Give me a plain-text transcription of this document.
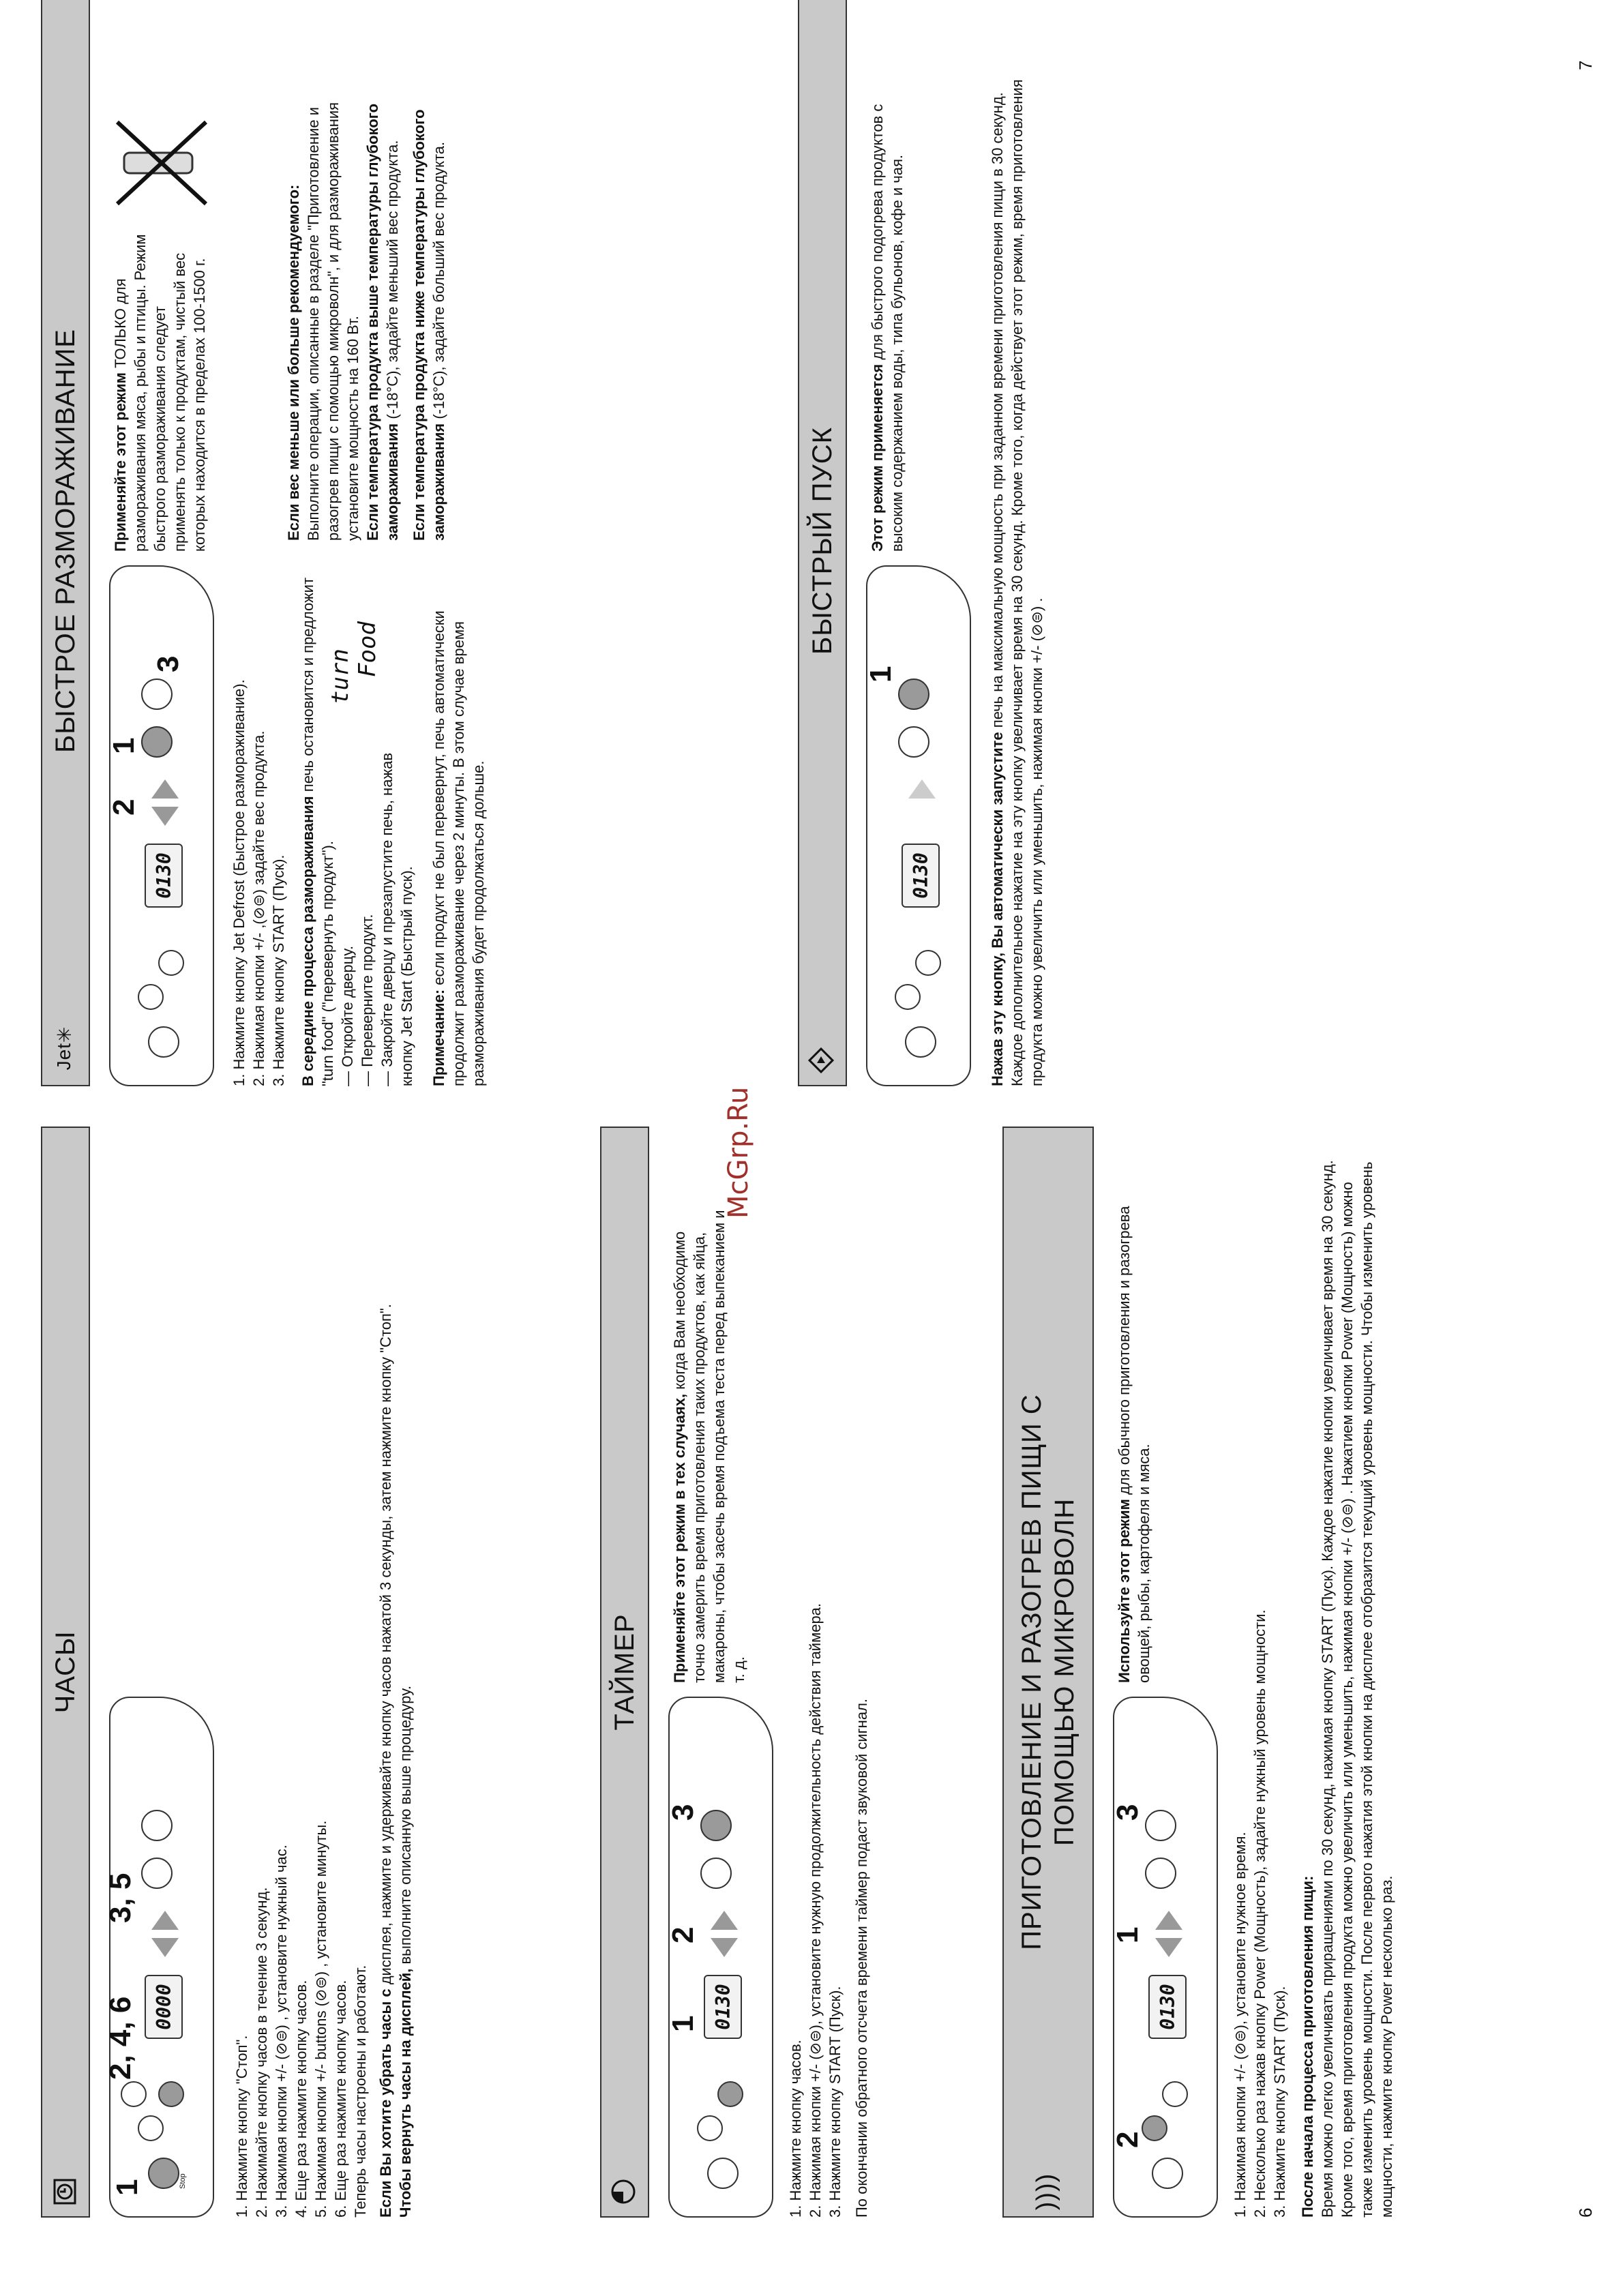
ЧАСЫ
Stop
0000
1
2, 4, 6
3, 5
1. Нажмите кнопку "Стоп". 2. Нажимайте кнопку часов в течение 3 секунд. 3. Нажимая кнопки +/- (⊘⊜) , установите нужный час. 4. Еще раз нажмите кнопку часов. 5. Нажимая кнопки +/- buttons (⊘⊜) , установите минуты. 6. Еще раз нажмите кнопку часов. Теперь часы настроены и работают. Если Вы хотите убрать часы с дисплея, нажмите и удерживайте кнопку часов нажатой 3 секунды, затем нажмите кнопку "Стоп".

Чтобы вернуть часы на дисплей, выполните описанную выше процедуру.

ТАЙМЕР
0130
1
2
3

Применяйте этот режим в тех случаях, когда Вам необходимо точно замерить время приготовления таких продуктов, как яйца, макароны, чтобы засечь время подъема теста перед выпеканием и т. д.

1. Нажмите кнопку часов. 2. Нажимая кнопки +/- (⊘⊜), установите нужную продолжительность действия таймера. 3. Нажмите кнопку START (Пуск). По окончании обратного отсчета времени таймер подаст звуковой сигнал.	))))
ПРИГОТОВЛЕНИЕ И РАЗОГРЕВ ПИЩИ С ПОМОЩЬЮ МИКРОВОЛН
0130
2
1
3

Используйте этот режим для обычного приготовления и разогрева овощей, рыбы, картофеля и мяса.

1. Нажимая кнопки +/- (⊘⊜), установите нужное время. 2. Несколько раз нажав кнопку Power (Мощность), задайте нужный уровень мощности. 3. Нажмите кнопку START (Пуск). После начала процесса приготовления пищи: Время можно легко увеличивать приращениями по 30 секунд, нажимая кнопку START (Пуск). Каждое нажатие кнопки увеличивает время на 30 секунд. Кроме того, время приготовления продукта можно увеличить или уменьшить, нажимая кнопки +/- (⊘⊜) . Нажатием кнопки Power (Мощность) можно также изменить уровень мощности. После первого нажатия этой кнопки на дисплее отобразится текущий уровень мощности. Чтобы изменить уровень мощности, нажмите кнопку Power несколько раз.	6
McGrp.Ru
Jet
✳
БЫСТРОЕ РАЗМОРАЖИВАНИЕ
0130
2
1
3

Применяйте этот режим ТОЛЬКО для размораживания мяса, рыбы и птицы. Режим быстрого размораживания следует применять только к продуктам, чистый вес которых находится в пределах 100-1500 г.

1. Нажмите кнопку Jet Defrost (Быстрое размораживание). 2. Нажимая кнопки +/- ,(⊘⊜) задайте вес продукта. 3. Нажмите кнопку START (Пуск). В середине процесса размораживания печь остановится и предложит "turn food" ("перевернуть продукт").

turn Food

— Откройте дверцу. — Переверните продукт. — Закройте дверцу и презапустите печь, нажав кнопку Jet Start (Быстрый пуск). Примечание: если продукт не был перевернут, печь автоматически продолжит размораживание через 2 минуты. В этом случае время размораживания будет продолжаться дольше.

Если вес меньше или больше рекомендуемого: Выполните операции, описанные в разделе "Приготовление и разогрев пищи с помощью микроволн", и для размораживания установите мощность на 160 Вт. Если температура продукта выше температуры глубокого замораживания (-18°С), задайте меньший вес продукта. Если температура продукта ниже температуры глубокого замораживания (-18°С), задайте больший вес продукта.

БЫСТРЫЙ ПУСК
0130
1

Этот режим применяется для быстрого подогрева продуктов с высоким содержанием воды, типа бульонов, кофе и чая.

Нажав эту кнопку, Вы автоматически запустите печь на максимальную мощность при заданном времени приготовления пищи в 30 секунд. Каждое дополнительное нажатие на эту кнопку увеличивает время на 30 секунд. Кроме того, когда действует этот режим, время приготовления продукта можно увеличить или уменьшить, нажимая кнопки +/- (⊘⊜) .

7
